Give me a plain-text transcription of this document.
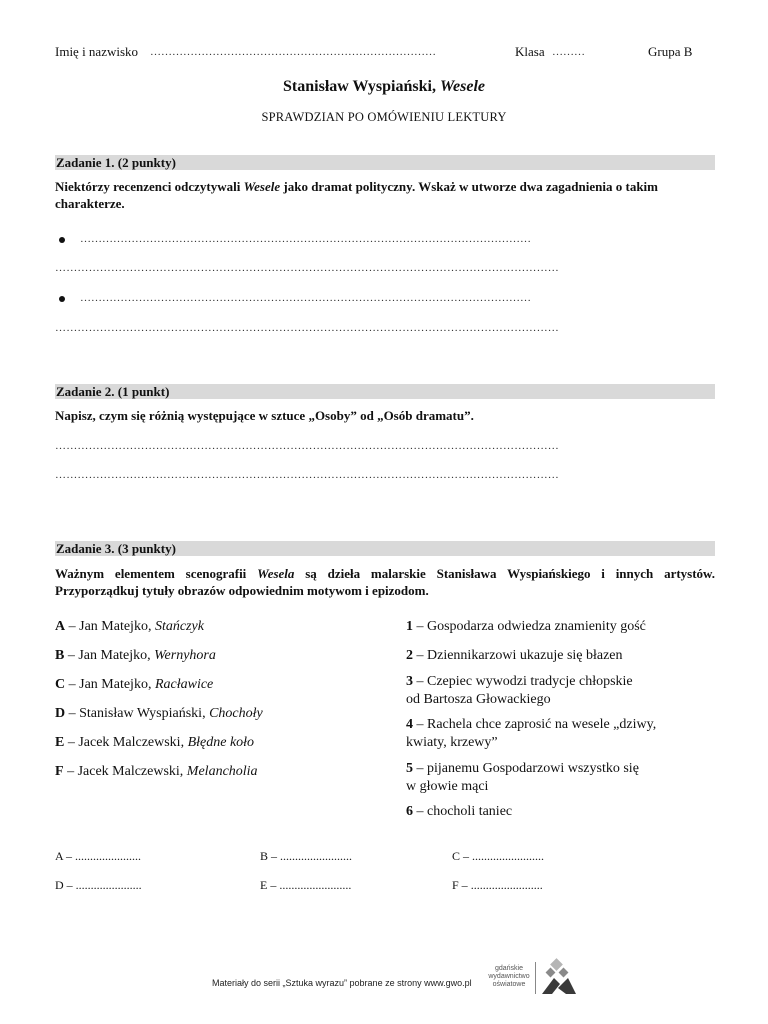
Imię i nazwisko ……………………………………………………………………	Klasa ………	Grupa B
Stanisław Wyspiański, Wesele
SPRAWDZIAN PO OMÓWIENIU LEKTURY
Zadanie 1. (2 punkty)
Niektórzy recenzenci odczytywali Wesele jako dramat polityczny. Wskaż w utworze dwa zagadnienia o takim charakterze.
……………………………………………………………………………………………………………
………………………………………………………………………………………………………………………
……………………………………………………………………………………………………………
………………………………………………………………………………………………………………………
Zadanie 2. (1 punkt)
Napisz, czym się różnią występujące w sztuce „Osoby” od „Osób dramatu”.
………………………………………………………………………………………………………………………
………………………………………………………………………………………………………………………
Zadanie 3. (3 punkty)
Ważnym elementem scenografii Wesela są dzieła malarskie Stanisława Wyspiańskiego i innych artystów. Przyporządkuj tytuły obrazów odpowiednim motywom i epizodom.
A – Jan Matejko, Stańczyk
B – Jan Matejko, Wernyhora
C – Jan Matejko, Racławice
D – Stanisław Wyspiański, Chochoły
E – Jacek Malczewski, Błędne koło
F – Jacek Malczewski, Melancholia
1 – Gospodarza odwiedza znamienity gość
2 – Dziennikarzowi ukazuje się błazen
3 – Czepiec wywodzi tradycje chłopskie
od Bartosza Głowackiego
4 – Rachela chce zaprosić na wesele „dziwy,
kwiaty, krzewy”
5 – pijanemu Gospodarzowi wszystko się
w głowie mąci
6 – chocholi taniec
A – ......................	B – ........................	C – ........................
D – ......................	E – ........................	F – ........................
Materiały do serii „Sztuka wyrazu” pobrane ze strony www.gwo.pl
gdańskie
wydawnictwo
oświatowe
